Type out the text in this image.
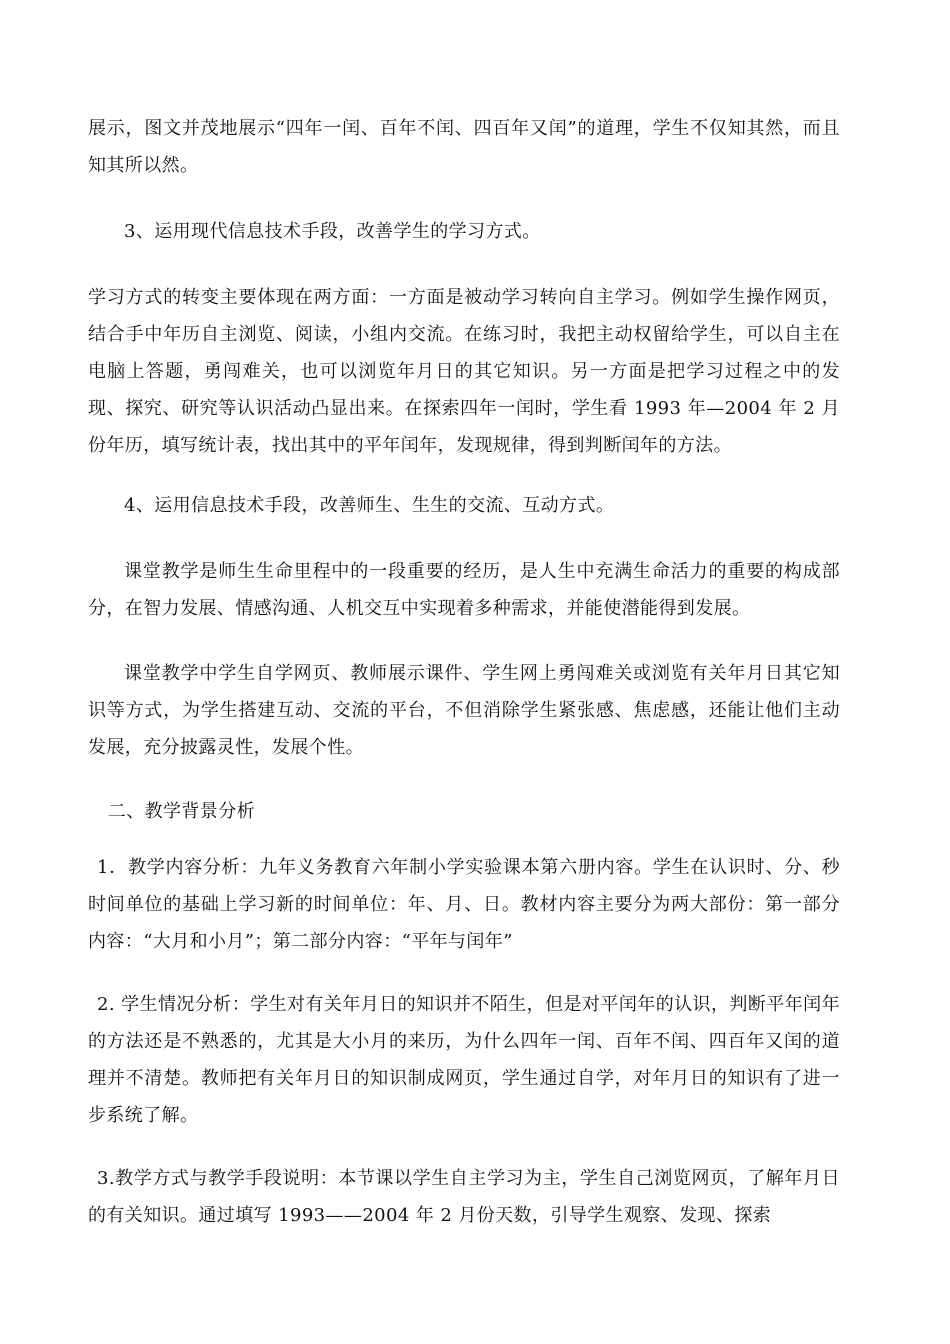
展示，图文并茂地展示“四年一闰、百年不闰、四百年又闰”的道理，学生不仅知其然，而且知其所以然。

3、运用现代信息技术手段，改善学生的学习方式。

学习方式的转变主要体现在两方面：一方面是被动学习转向自主学习。例如学生操作网页，结合手中年历自主浏览、阅读，小组内交流。在练习时，我把主动权留给学生，可以自主在电脑上答题，勇闯难关，也可以浏览年月日的其它知识。另一方面是把学习过程之中的发现、探究、研究等认识活动凸显出来。在探索四年一闰时，学生看 1993 年—2004 年 2 月份年历，填写统计表，找出其中的平年闰年，发现规律，得到判断闰年的方法。

4、运用信息技术手段，改善师生、生生的交流、互动方式。

课堂教学是师生生命里程中的一段重要的经历，是人生中充满生命活力的重要的构成部分，在智力发展、情感沟通、人机交互中实现着多种需求，并能使潜能得到发展。

课堂教学中学生自学网页、教师展示课件、学生网上勇闯难关或浏览有关年月日其它知识等方式，为学生搭建互动、交流的平台，不但消除学生紧张感、焦虑感，还能让他们主动发展，充分披露灵性，发展个性。

二、教学背景分析

1．教学内容分析：九年义务教育六年制小学实验课本第六册内容。学生在认识时、分、秒时间单位的基础上学习新的时间单位：年、月、日。教材内容主要分为两大部份：第一部分内容：“大月和小月”；第二部分内容：“平年与闰年”

2. 学生情况分析：学生对有关年月日的知识并不陌生，但是对平闰年的认识，判断平年闰年的方法还是不熟悉的，尤其是大小月的来历，为什么四年一闰、百年不闰、四百年又闰的道理并不清楚。教师把有关年月日的知识制成网页，学生通过自学，对年月日的知识有了进一步系统了解。

3.教学方式与教学手段说明：本节课以学生自主学习为主，学生自己浏览网页，了解年月日的有关知识。通过填写 1993——2004 年 2 月份天数，引导学生观察、发现、探索
